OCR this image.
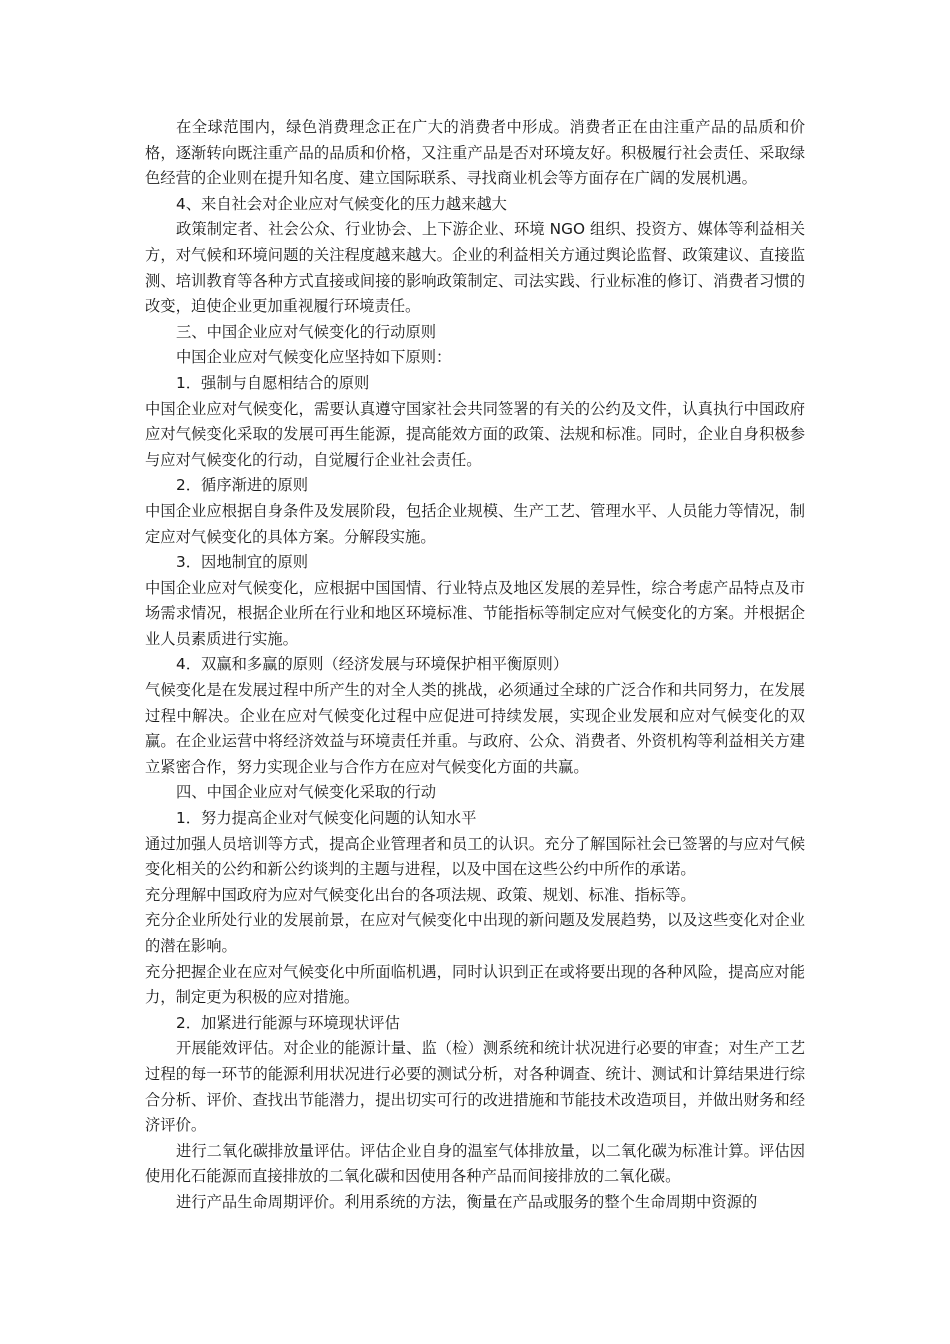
在全球范围内，绿色消费理念正在广大的消费者中形成。消费者正在由注重产品的品质和价格，逐渐转向既注重产品的品质和价格，又注重产品是否对环境友好。积极履行社会责任、采取绿色经营的企业则在提升知名度、建立国际联系、寻找商业机会等方面存在广阔的发展机遇。

4、来自社会对企业应对气候变化的压力越来越大

政策制定者、社会公众、行业协会、上下游企业、环境 NGO 组织、投资方、媒体等利益相关方，对气候和环境问题的关注程度越来越大。企业的利益相关方通过舆论监督、政策建议、直接监测、培训教育等各种方式直接或间接的影响政策制定、司法实践、行业标准的修订、消费者习惯的改变，迫使企业更加重视履行环境责任。

三、中国企业应对气候变化的行动原则

中国企业应对气候变化应坚持如下原则：

1．强制与自愿相结合的原则

中国企业应对气候变化，需要认真遵守国家社会共同签署的有关的公约及文件，认真执行中国政府应对气候变化采取的发展可再生能源，提高能效方面的政策、法规和标准。同时，企业自身积极参与应对气候变化的行动，自觉履行企业社会责任。

2．循序渐进的原则

中国企业应根据自身条件及发展阶段，包括企业规模、生产工艺、管理水平、人员能力等情况，制定应对气候变化的具体方案。分解段实施。

3．因地制宜的原则

中国企业应对气候变化，应根据中国国情、行业特点及地区发展的差异性，综合考虑产品特点及市场需求情况，根据企业所在行业和地区环境标准、节能指标等制定应对气候变化的方案。并根据企业人员素质进行实施。

4．双赢和多赢的原则（经济发展与环境保护相平衡原则）

气候变化是在发展过程中所产生的对全人类的挑战，必须通过全球的广泛合作和共同努力，在发展过程中解决。企业在应对气候变化过程中应促进可持续发展，实现企业发展和应对气候变化的双赢。在企业运营中将经济效益与环境责任并重。与政府、公众、消费者、外资机构等利益相关方建立紧密合作，努力实现企业与合作方在应对气候变化方面的共赢。

四、中国企业应对气候变化采取的行动

1．努力提高企业对气候变化问题的认知水平

通过加强人员培训等方式，提高企业管理者和员工的认识。充分了解国际社会已签署的与应对气候变化相关的公约和新公约谈判的主题与进程，以及中国在这些公约中所作的承诺。

充分理解中国政府为应对气候变化出台的各项法规、政策、规划、标准、指标等。

充分企业所处行业的发展前景，在应对气候变化中出现的新问题及发展趋势，以及这些变化对企业的潜在影响。

充分把握企业在应对气候变化中所面临机遇，同时认识到正在或将要出现的各种风险，提高应对能力，制定更为积极的应对措施。

2．加紧进行能源与环境现状评估

开展能效评估。对企业的能源计量、监（检）测系统和统计状况进行必要的审查；对生产工艺过程的每一环节的能源利用状况进行必要的测试分析，对各种调查、统计、测试和计算结果进行综合分析、评价、查找出节能潜力，提出切实可行的改进措施和节能技术改造项目，并做出财务和经济评价。

进行二氧化碳排放量评估。评估企业自身的温室气体排放量，以二氧化碳为标准计算。评估因使用化石能源而直接排放的二氧化碳和因使用各种产品而间接排放的二氧化碳。

进行产品生命周期评价。利用系统的方法，衡量在产品或服务的整个生命周期中资源的
